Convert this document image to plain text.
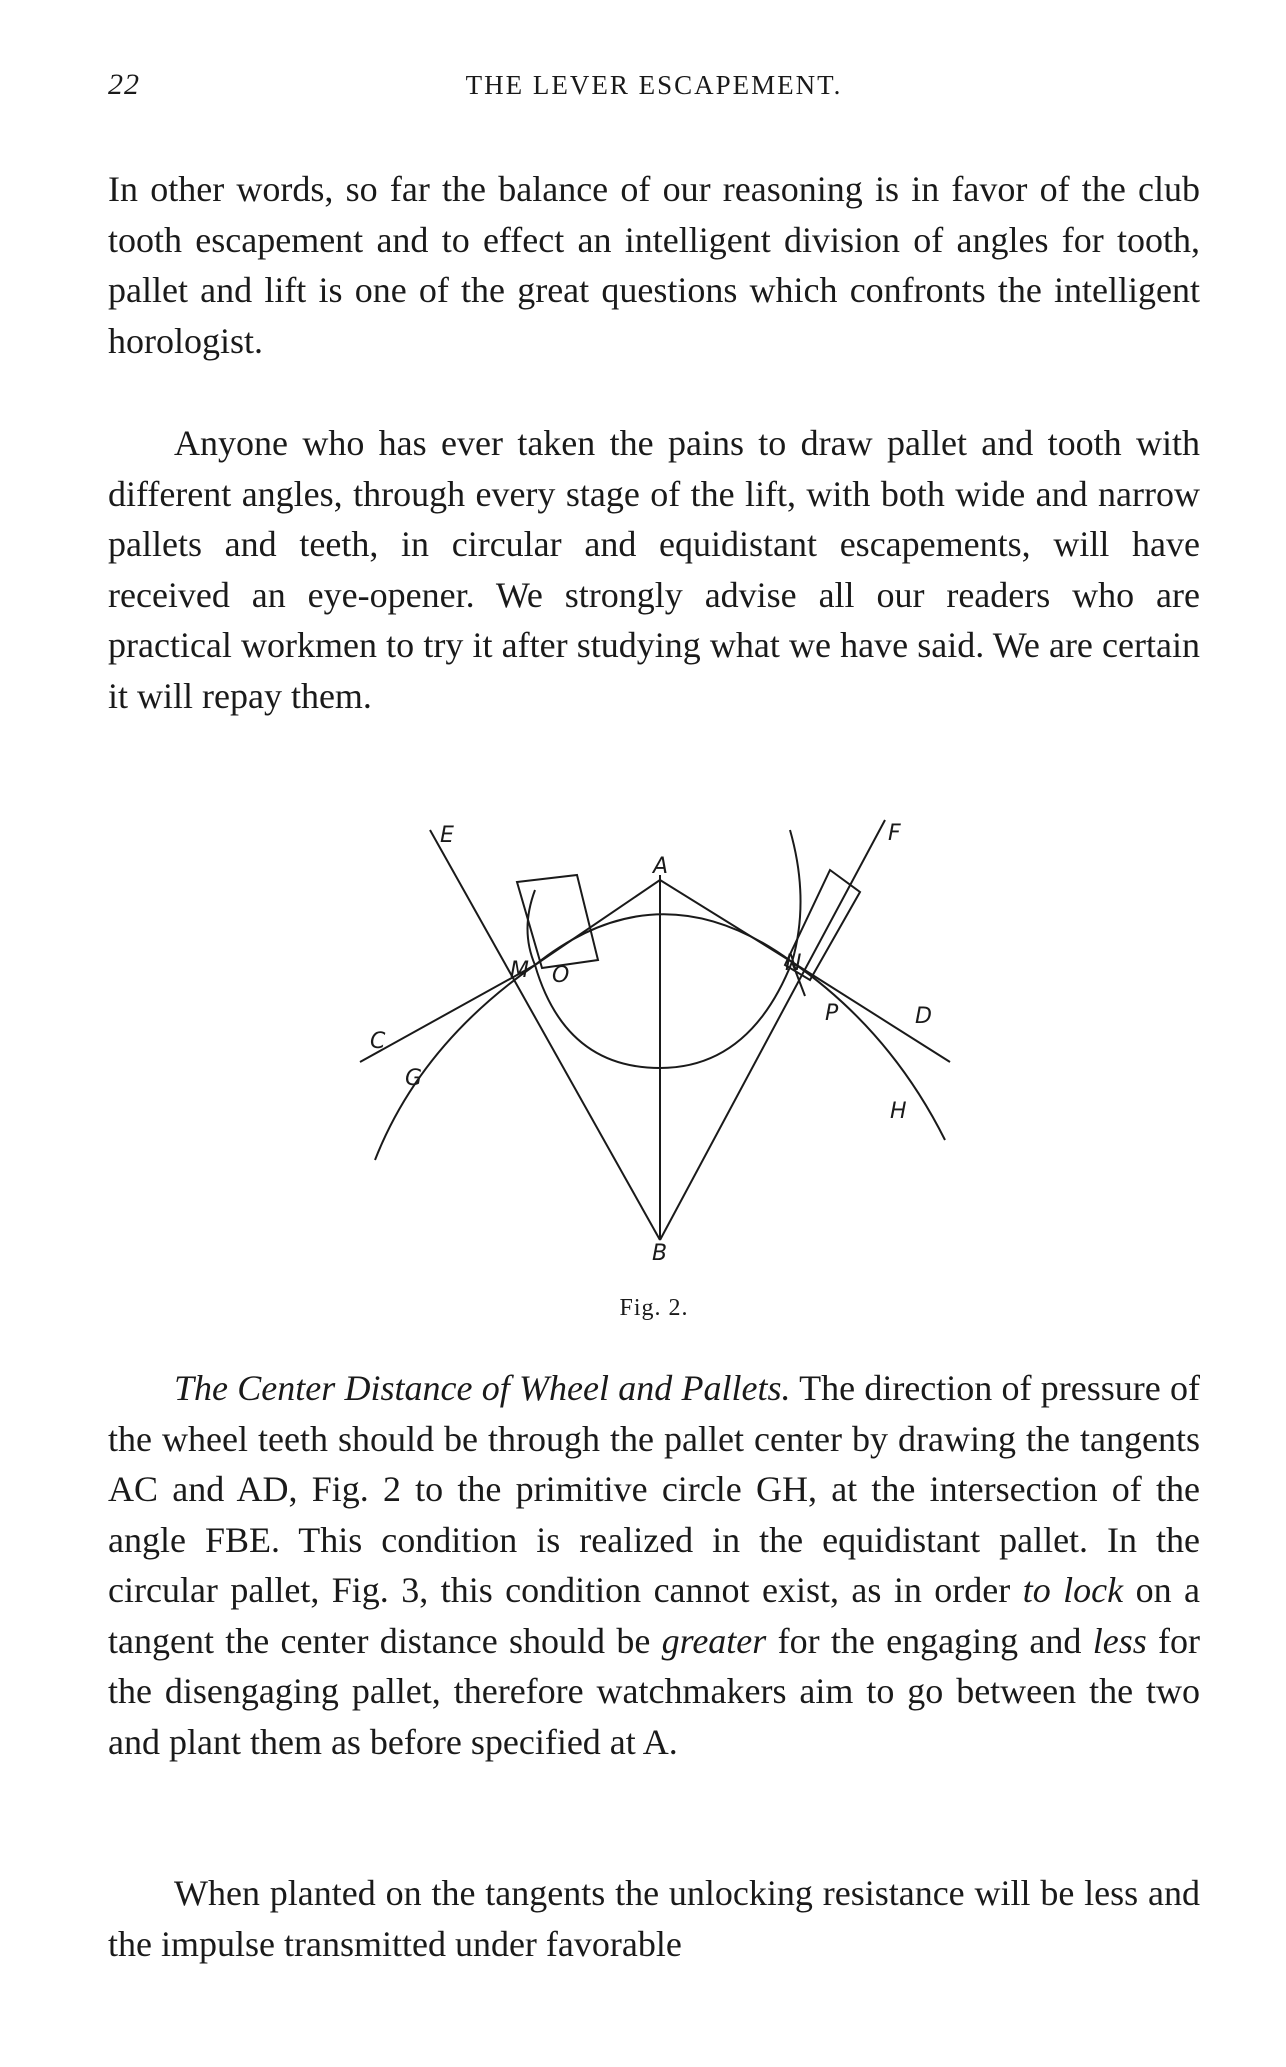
22	THE LEVER ESCAPEMENT.

In other words, so far the balance of our reasoning is in favor of the club tooth escapement and to effect an intelligent division of angles for tooth, pallet and lift is one of the great questions which confronts the intelligent horologist.

Anyone who has ever taken the pains to draw pallet and tooth with different angles, through every stage of the lift, with both wide and narrow pallets and teeth, in circular and equidistant escapements, will have received an eye-opener. We strongly advise all our readers who are practical workmen to try it after studying what we have said. We are certain it will repay them.

E
A
F
M O	N
C
G
P	D
H
B
Fig. 2.

The Center Distance of Wheel and Pallets. The direction of pressure of the wheel teeth should be through the pallet center by drawing the tangents AC and AD, Fig. 2 to the primitive circle GH, at the intersection of the angle FBE. This condition is realized in the equidistant pallet. In the circular pallet, Fig. 3, this condition cannot exist, as in order to lock on a tangent the center distance should be greater for the engaging and less for the disengaging pallet, therefore watchmakers aim to go between the two and plant them as before specified at A.

When planted on the tangents the unlocking resistance will be less and the impulse transmitted under favorable
